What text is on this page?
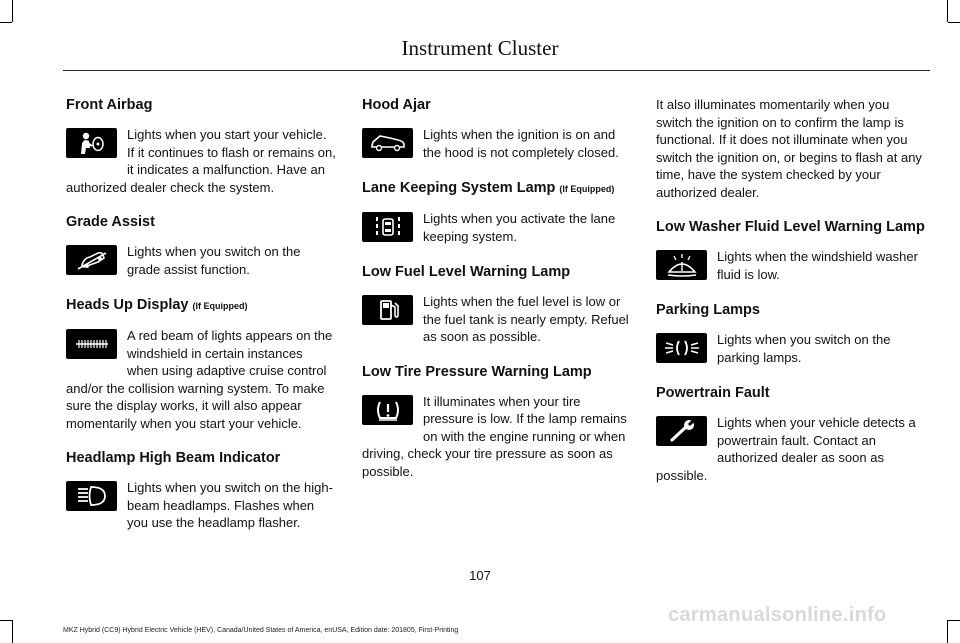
Instrument Cluster
Front Airbag

Lights when you start your vehicle. If it continues to flash or remains on, it indicates a malfunction. Have an authorized dealer check the system.

Grade Assist

Lights when you switch on the grade assist function.

Heads Up Display (If Equipped)

A red beam of lights appears on the windshield in certain instances when using adaptive cruise control and/or the collision warning system. To make sure the display works, it will also appear momentarily when you start your vehicle.

Headlamp High Beam Indicator

Lights when you switch on the high-beam headlamps. Flashes when you use the headlamp flasher.

Hood Ajar

Lights when the ignition is on and the hood is not completely closed.

Lane Keeping System Lamp (If Equipped)

Lights when you activate the lane keeping system.

Low Fuel Level Warning Lamp

Lights when the fuel level is low or the fuel tank is nearly empty. Refuel as soon as possible.

Low Tire Pressure Warning Lamp

It illuminates when your tire pressure is low. If the lamp remains on with the engine running or when driving, check your tire pressure as soon as possible.

It also illuminates momentarily when you switch the ignition on to confirm the lamp is functional. If it does not illuminate when you switch the ignition on, or begins to flash at any time, have the system checked by your authorized dealer.

Low Washer Fluid Level Warning Lamp

Lights when the windshield washer fluid is low.

Parking Lamps

Lights when you switch on the parking lamps.

Powertrain Fault

Lights when your vehicle detects a powertrain fault. Contact an authorized dealer as soon as possible.

107
carmanualsonline.info
MKZ Hybrid (CC9) Hybrid Electric Vehicle (HEV), Canada/United States of America, enUSA, Edition date: 201805, First-Printing
